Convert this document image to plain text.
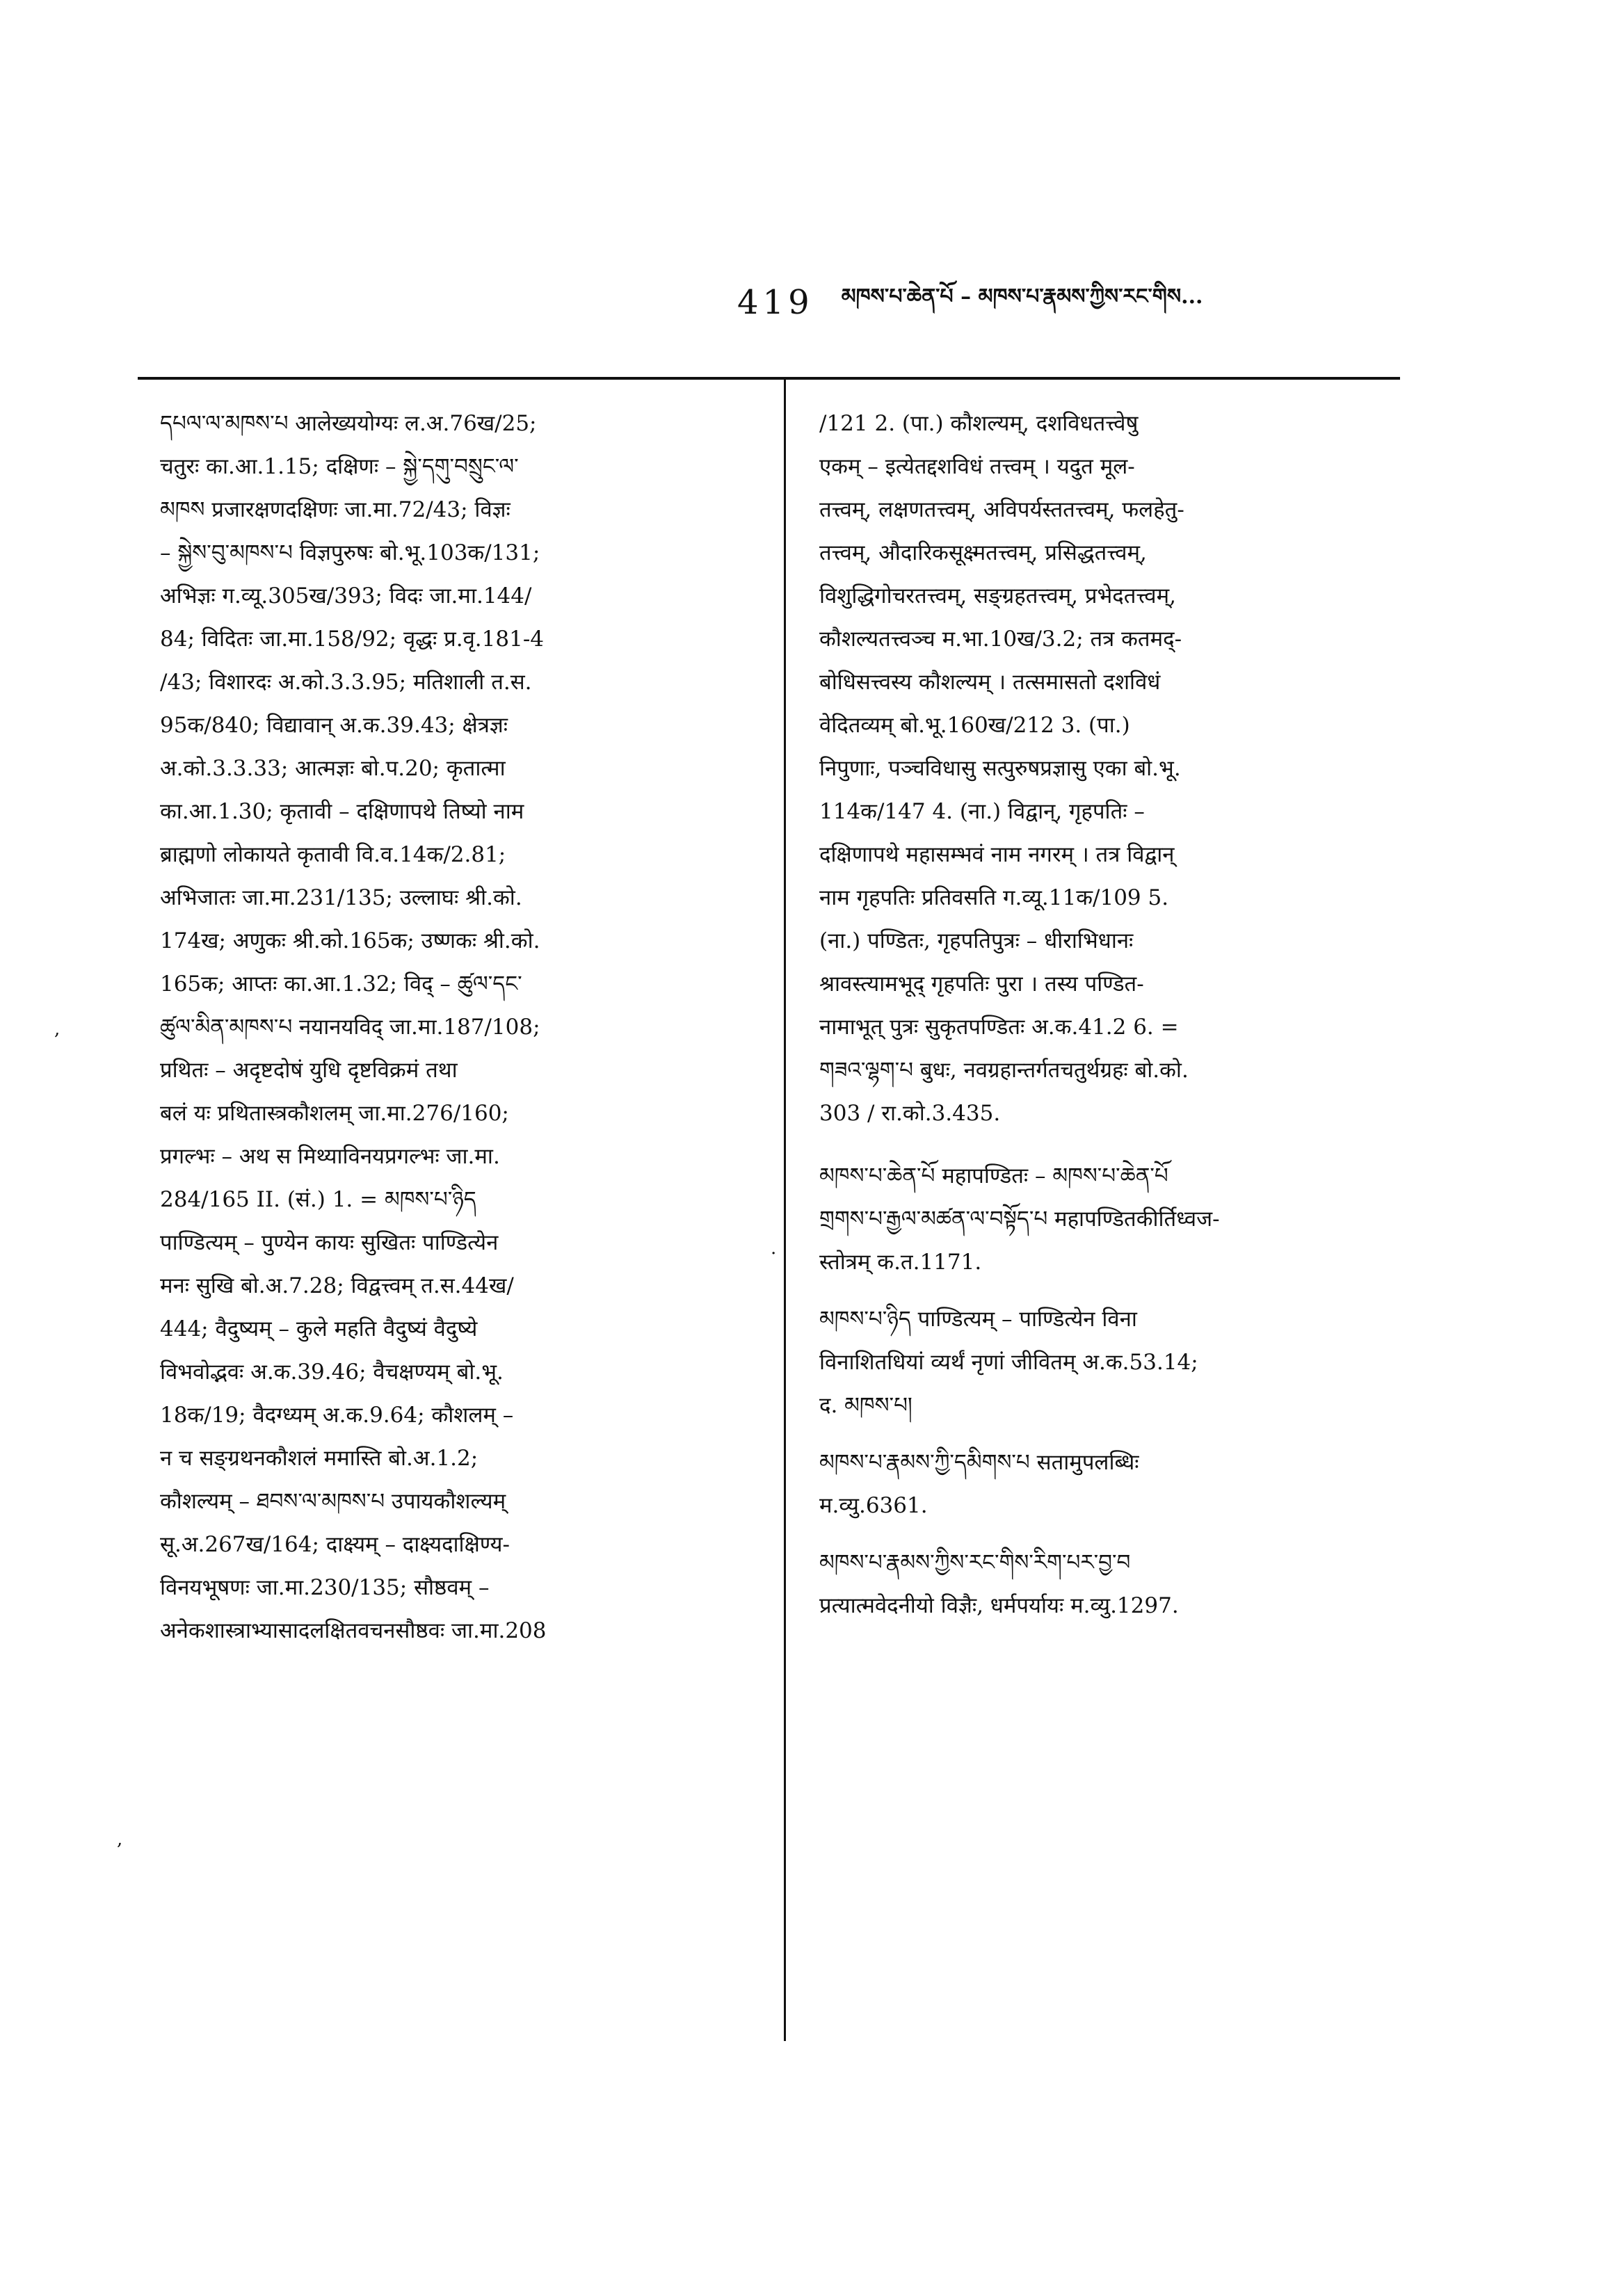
419 མཁས་པ་ཆེན་པོ – མཁས་པ་རྣམས་ཀྱིས་རང་གིས...
,
.
,
དཔལ་ལ་མཁས་པ आलेख्ययोग्यः ल.अ.76ख/25;
चतुरः का.आ.1.15; दक्षिणः – སྐྱེ་དགུ་བསྲུང་ལ་
མཁས प्रजारक्षणदक्षिणः जा.मा.72/43; विज्ञः
– སྐྱེས་བུ་མཁས་པ विज्ञपुरुषः बो.भू.103क/131;
अभिज्ञः ग.व्यू.305ख/393; विदः जा.मा.144/
84; विदितः जा.मा.158/92; वृद्धः प्र.वृ.181-4
/43; विशारदः अ.को.3.3.95; मतिशाली त.स.
95क/840; विद्यावान् अ.क.39.43; क्षेत्रज्ञः
अ.को.3.3.33; आत्मज्ञः बो.प.20; कृतात्मा
का.आ.1.30; कृतावी – दक्षिणापथे तिष्यो नाम
ब्राह्मणो लोकायते कृतावी वि.व.14क/2.81;
अभिजातः जा.मा.231/135; उल्लाघः श्री.को.
174ख; अणुकः श्री.को.165क; उष्णकः श्री.को.
165क; आप्तः का.आ.1.32; विद् – ཚུལ་དང་
ཚུལ་མིན་མཁས་པ नयानयविद् जा.मा.187/108;
प्रथितः – अदृष्टदोषं युधि दृष्टविक्रमं तथा
बलं यः प्रथितास्त्रकौशलम् जा.मा.276/160;
प्रगल्भः – अथ स मिथ्याविनयप्रगल्भः जा.मा.
284/165 II. (सं.) 1. = མཁས་པ་ཉིད
पाण्डित्यम् – पुण्येन कायः सुखितः पाण्डित्येन
मनः सुखि बो.अ.7.28; विद्वत्त्वम् त.स.44ख/
444; वैदुष्यम् – कुले महति वैदुष्यं वैदुष्ये
विभवोद्भवः अ.क.39.46; वैचक्षण्यम् बो.भू.
18क/19; वैदग्ध्यम् अ.क.9.64; कौशलम् –
न च सङ्ग्रथनकौशलं ममास्ति बो.अ.1.2;
कौशल्यम् – ཐབས་ལ་མཁས་པ उपायकौशल्यम्
सू.अ.267ख/164; दाक्ष्यम् – दाक्ष्यदाक्षिण्य-
विनयभूषणः जा.मा.230/135; सौष्ठवम् –
अनेकशास्त्राभ्यासादलक्षितवचनसौष्ठवः जा.मा.208
/121 2. (पा.) कौशल्यम्, दशविधतत्त्वेषु
एकम् – इत्येतद्दशविधं तत्त्वम् । यदुत मूल-
तत्त्वम्, लक्षणतत्त्वम्, अविपर्यस्ततत्त्वम्, फलहेतु-
तत्त्वम्, औदारिकसूक्ष्मतत्त्वम्, प्रसिद्धतत्त्वम्,
विशुद्धिगोचरतत्त्वम्, सङ्ग्रहतत्त्वम्, प्रभेदतत्त्वम्,
कौशल्यतत्त्वञ्च म.भा.10ख/3.2; तत्र कतमद्-
बोधिसत्त्वस्य कौशल्यम् । तत्समासतो दशविधं
वेदितव्यम् बो.भू.160ख/212 3. (पा.)
निपुणाः, पञ्चविधासु सत्पुरुषप्रज्ञासु एका बो.भू.
114क/147 4. (ना.) विद्वान्, गृहपतिः –
दक्षिणापथे महासम्भवं नाम नगरम् । तत्र विद्वान्
नाम गृहपतिः प्रतिवसति ग.व्यू.11क/109 5.
(ना.) पण्डितः, गृहपतिपुत्रः – धीराभिधानः
श्रावस्त्यामभूद् गृहपतिः पुरा । तस्य पण्डित-
नामाभूत् पुत्रः सुकृतपण्डितः अ.क.41.2 6. =
གཟའ་ལྷག་པ बुधः, नवग्रहान्तर्गतचतुर्थग्रहः बो.को.
303 / रा.को.3.435.
མཁས་པ་ཆེན་པོ महापण्डितः – མཁས་པ་ཆེན་པོ
གྲགས་པ་རྒྱལ་མཚན་ལ་བསྟོད་པ महापण्डितकीर्तिध्वज-
स्तोत्रम् क.त.1171.
མཁས་པ་ཉིད पाण्डित्यम् – पाण्डित्येन विना
विनाशितधियां व्यर्थं नृणां जीवितम् अ.क.53.14;
द. མཁས་པ།
མཁས་པ་རྣམས་ཀྱི་དམིགས་པ सतामुपलब्धिः
म.व्यु.6361.
མཁས་པ་རྣམས་ཀྱིས་རང་གིས་རིག་པར་བྱ་བ
प्रत्यात्मवेदनीयो विज्ञैः, धर्मपर्यायः म.व्यु.1297.
